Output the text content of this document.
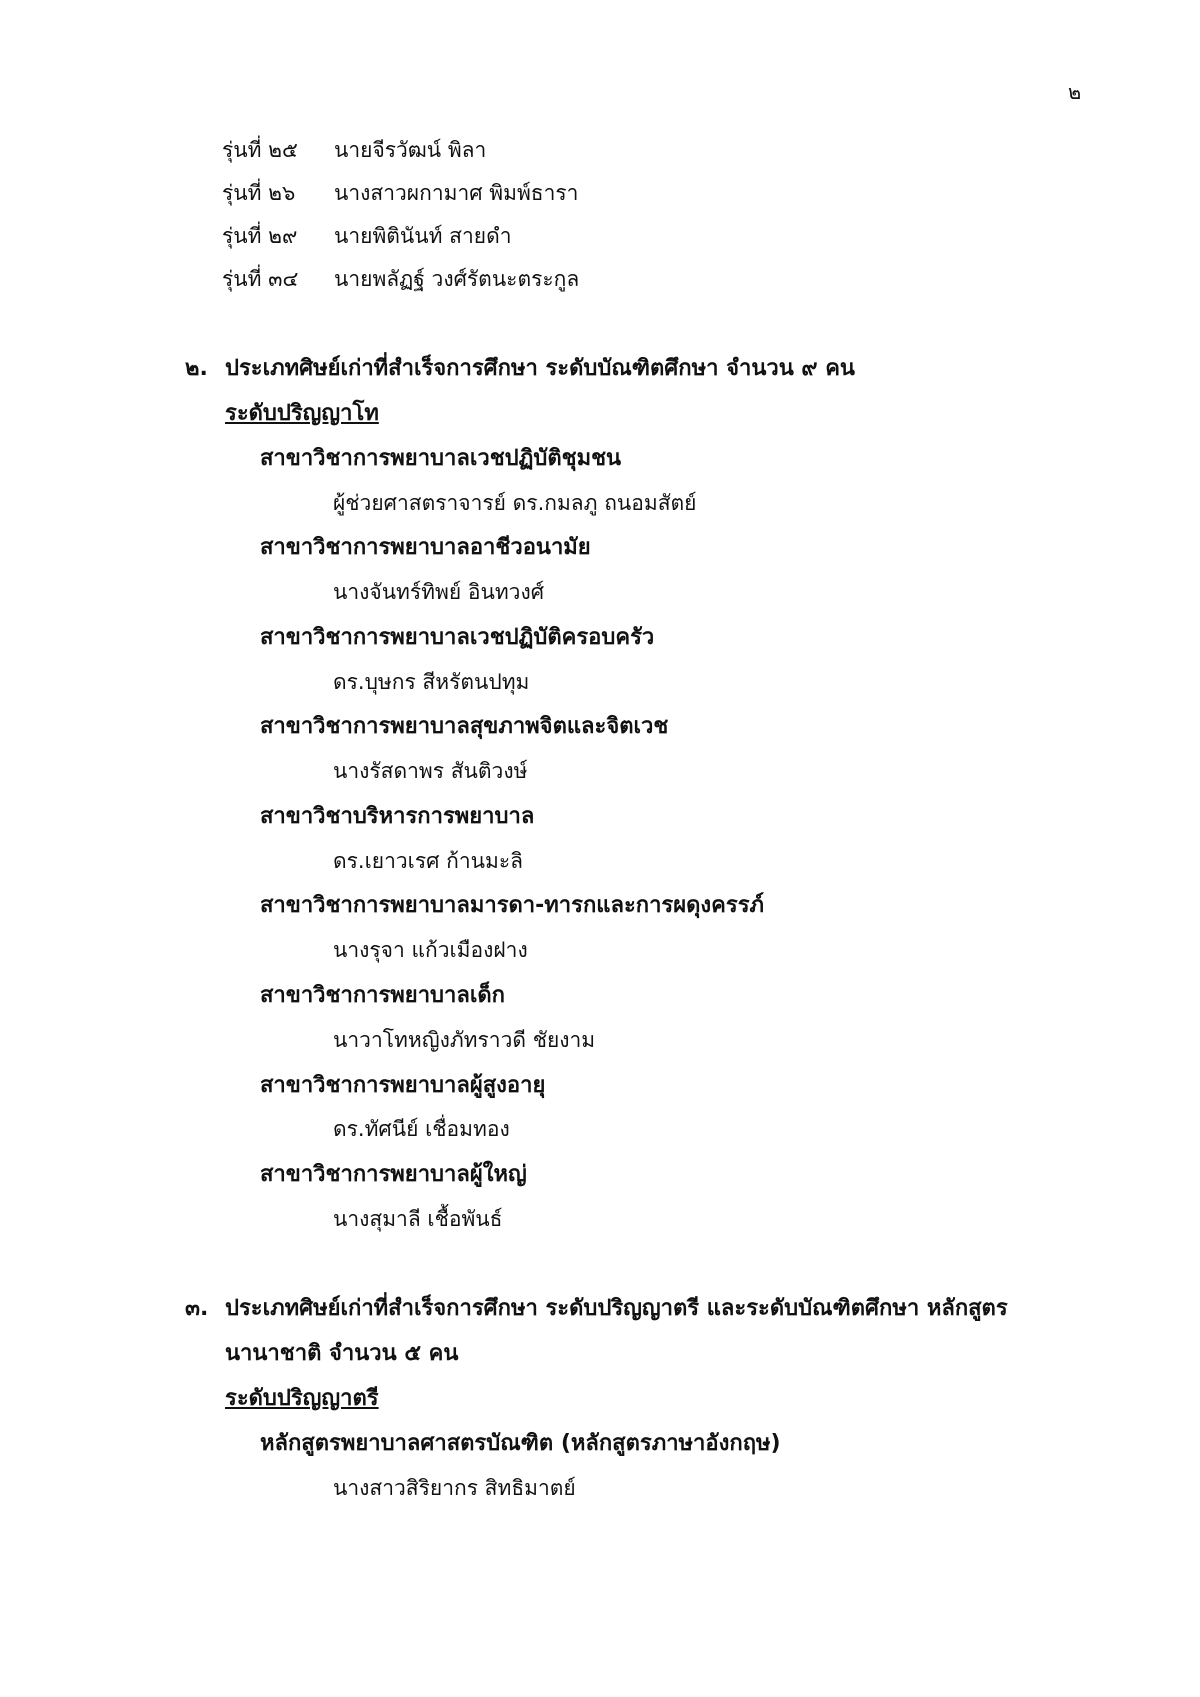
๒
รุ่นที่ ๒๕ นายจีรวัฒน์ พิลา
รุ่นที่ ๒๖ นางสาวผกามาศ พิมพ์ธารา
รุ่นที่ ๒๙ นายพิตินันท์ สายดำ
รุ่นที่ ๓๔ นายพลัฏฐ์ วงศ์รัตนะตระกูล
๒. ประเภทศิษย์เก่าที่สำเร็จการศึกษา ระดับบัณฑิตศึกษา จำนวน ๙ คน
ระดับปริญญาโท
สาขาวิชาการพยาบาลเวชปฏิบัติชุมชน
ผู้ช่วยศาสตราจารย์ ดร.กมลภู ถนอมสัตย์
สาขาวิชาการพยาบาลอาชีวอนามัย
นางจันทร์ทิพย์ อินทวงศ์
สาขาวิชาการพยาบาลเวชปฏิบัติครอบครัว
ดร.บุษกร สีหรัตนปทุม
สาขาวิชาการพยาบาลสุขภาพจิตและจิตเวช
นางรัสดาพร สันติวงษ์
สาขาวิชาบริหารการพยาบาล
ดร.เยาวเรศ ก้านมะลิ
สาขาวิชาการพยาบาลมารดา-ทารกและการผดุงครรภ์
นางรุจา แก้วเมืองฝาง
สาขาวิชาการพยาบาลเด็ก
นาวาโทหญิงภัทราวดี ชัยงาม
สาขาวิชาการพยาบาลผู้สูงอายุ
ดร.ทัศนีย์ เชื่อมทอง
สาขาวิชาการพยาบาลผู้ใหญ่
นางสุมาลี เชื้อพันธ์
๓. ประเภทศิษย์เก่าที่สำเร็จการศึกษา ระดับปริญญาตรี และระดับบัณฑิตศึกษา หลักสูตร
นานาชาติ จำนวน ๕ คน
ระดับปริญญาตรี
หลักสูตรพยาบาลศาสตรบัณฑิต (หลักสูตรภาษาอังกฤษ)
นางสาวสิริยากร สิทธิมาตย์
